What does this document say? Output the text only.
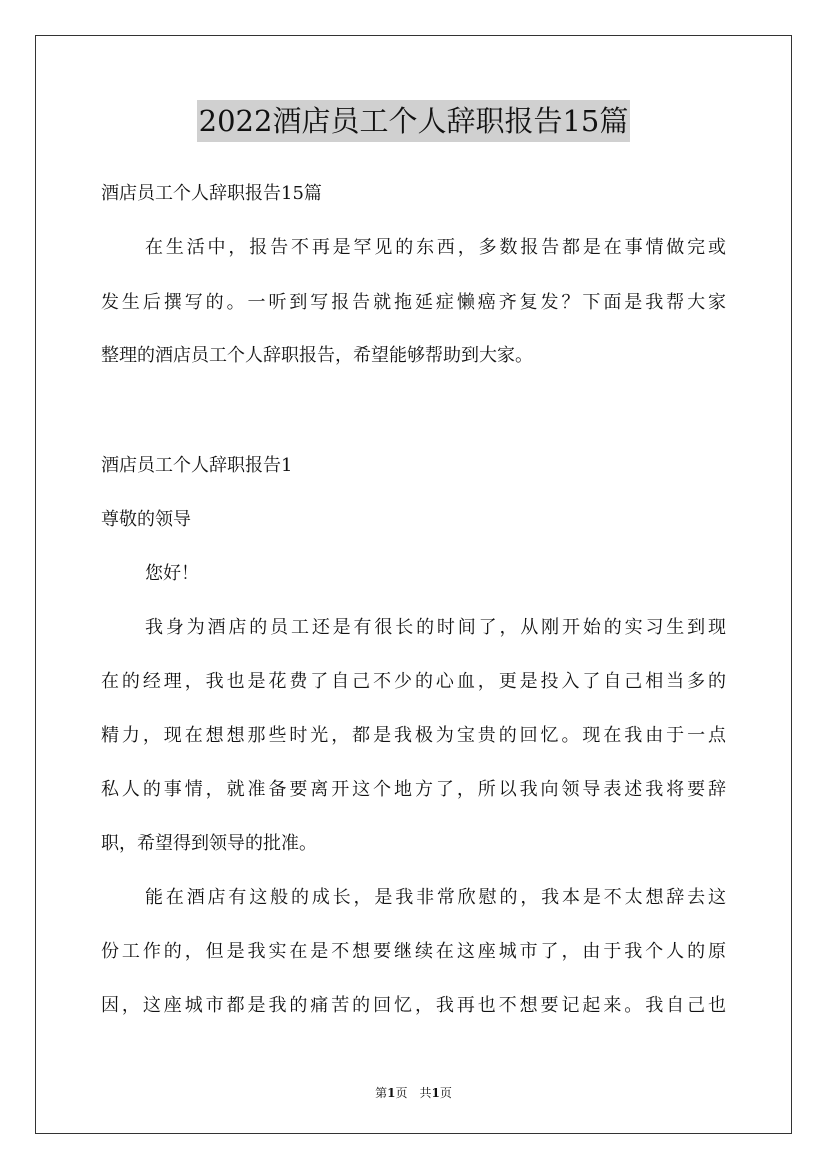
2022酒店员工个人辞职报告15篇
酒店员工个人辞职报告15篇
在生活中，报告不再是罕见的东西，多数报告都是在事情做完或
发生后撰写的。一听到写报告就拖延症懒癌齐复发？下面是我帮大家
整理的酒店员工个人辞职报告，希望能够帮助到大家。
酒店员工个人辞职报告1
尊敬的领导
您好！
我身为酒店的员工还是有很长的时间了，从刚开始的实习生到现
在的经理，我也是花费了自己不少的心血，更是投入了自己相当多的
精力，现在想想那些时光，都是我极为宝贵的回忆。现在我由于一点
私人的事情，就准备要离开这个地方了，所以我向领导表述我将要辞
职，希望得到领导的批准。
能在酒店有这般的成长，是我非常欣慰的，我本是不太想辞去这
份工作的，但是我实在是不想要继续在这座城市了，由于我个人的原
因，这座城市都是我的痛苦的回忆，我再也不想要记起来。我自己也
第1页　共1页
